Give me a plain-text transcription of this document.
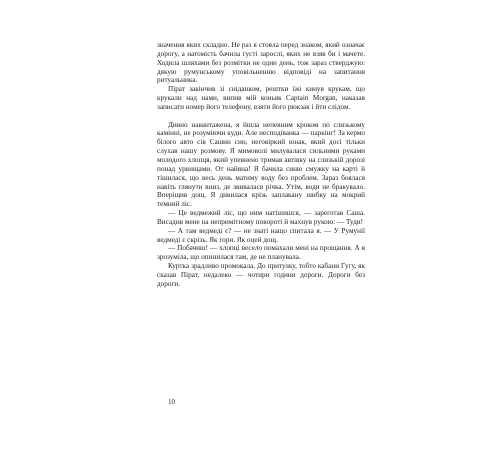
значення яких складно. Не раз я стояла перед знаком, який означає дорогу, а натомість бачила густі зарослі, яких не взяв би і мачете. Ходила шляхами без розмітки не один день, тож зараз стверджую: дякую румунському уповільненню відповіді на запитання ритуальника.

Пірат закінчив зі сніданком, рештки їжі кинув крукам, що крукали над нами, випив мій коньяк Captain Morgan, наказав записати номер його телефону, взяти його рюкзак і йти слідом.

Дивно навантажена, я йшла непевним кроком по слизькому камінні, не розуміючи куди. Але несподіванка — паркінг! За кермо білого авто сів Сашин син, неговіркий юнак, який досі тільки слухав нашу розмову. Я мимоволі милувалася сильними руками молодого хлопця, який упевнено тримав автівку на слизькій дорозі понад урвищами. От найяна! Я бачила синю смужку на карті й тішилася, що весь день матиму воду без проблем. Зараз боялася навіть глянути вниз, де звивалася річка. Утім, води не бракувало. Вперіщив дощ. Я дивилася крізь заплакану шибку на мокрий темний ліс.

— Це ведмежий ліс, що ним натішишся, — зареготав Саша. Висадив мене на непримітному повороті й махнув рукою: — Туди!

— А там ведмеді є? — не знаті нащо спитала я. — У Румунії ведмеді є скрізь. Як гори. Як оцей дощ.

— Побачиш! — хлопці весело помахали мені на прощання. А я зрозуміла, що опинилася там, де не планувала.

Куртка зрадливо промокала. До притулку, тобто кабани Гугу, як сказав Пірат, недалеко — чотири години дороги. Дороги без дороги.

10
